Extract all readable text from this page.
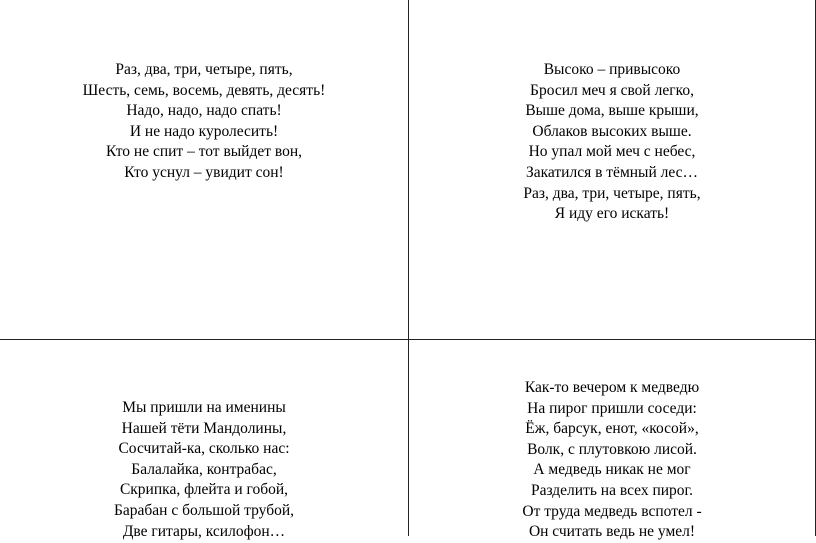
Раз, два, три, четыре, пять,
Шесть, семь, восемь, девять, десять!
Надо, надо, надо спать!
И не надо куролесить!
Кто не спит – тот выйдет вон,
Кто уснул – увидит сон!
Высоко – привысоко
Бросил меч я свой легко,
Выше дома, выше крыши,
Облаков высоких выше.
Но упал мой меч с небес,
Закатился в тёмный лес…
Раз, два, три, четыре, пять,
Я иду его искать!
Мы пришли на именины
Нашей тёти Мандолины,
Сосчитай-ка, сколько нас:
Балалайка, контрабас,
Скрипка, флейта и гобой,
Барабан с большой трубой,
Две гитары, ксилофон…
Как-то вечером к медведю
На пирог пришли соседи:
Ёж, барсук, енот, «косой»,
Волк, с плутовкою лисой.
А медведь никак не мог
Разделить на всех пирог.
От труда медведь вспотел -
Он считать ведь не умел!
